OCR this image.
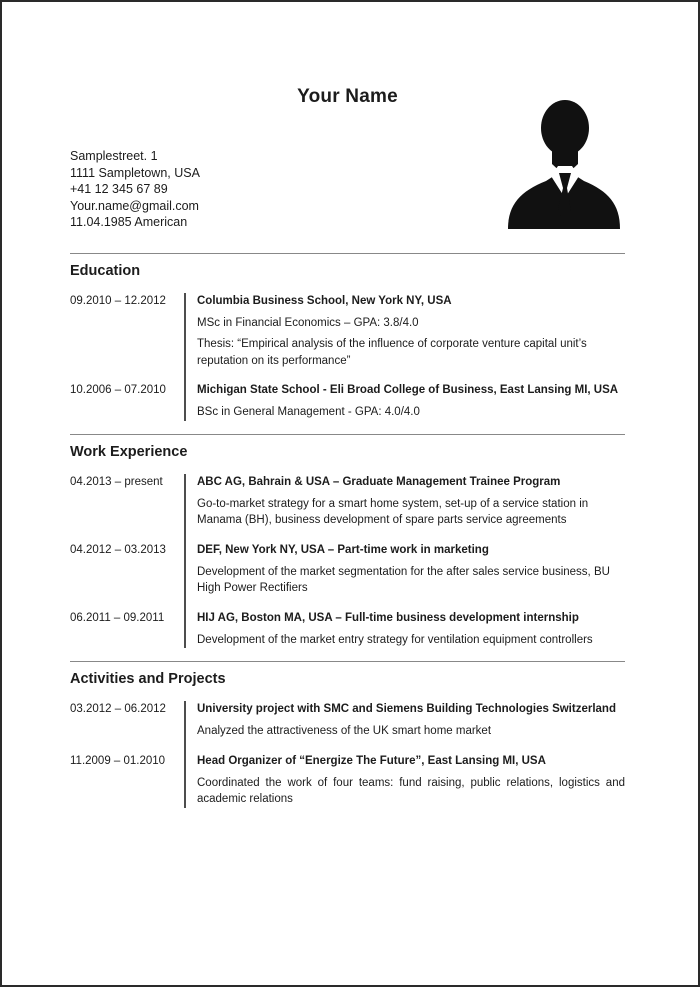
Your Name
Samplestreet. 1
1111 Sampletown, USA
+41 12 345 67 89
Your.name@gmail.com
11.04.1985 American
Education
09.2010 – 12.2012	Columbia Business School, New York NY, USA

MSc in Financial Economics – GPA: 3.8/4.0

Thesis: “Empirical analysis of the influence of corporate venture capital unit’s reputation on its performance”

10.2006 – 07.2010	Michigan State School - Eli Broad College of Business, East Lansing MI, USA

BSc in General Management - GPA: 4.0/4.0

Work Experience
04.2013 – present	ABC AG, Bahrain & USA – Graduate Management Trainee Program

Go-to-market strategy for a smart home system, set-up of a service station in Manama (BH), business development of spare parts service agreements

04.2012 – 03.2013	DEF, New York NY, USA – Part-time work in marketing

Development of the market segmentation for the after sales service business, BU High Power Rectifiers

06.2011 – 09.2011	HIJ AG, Boston MA, USA – Full-time business development internship

Development of the market entry strategy for ventilation equipment controllers

Activities and Projects
03.2012 – 06.2012	University project with SMC and Siemens Building Technologies Switzerland

Analyzed the attractiveness of the UK smart home market

11.2009 – 01.2010	Head Organizer of “Energize The Future”, East Lansing MI, USA

Coordinated the work of four teams: fund raising, public relations, logistics and academic relations
